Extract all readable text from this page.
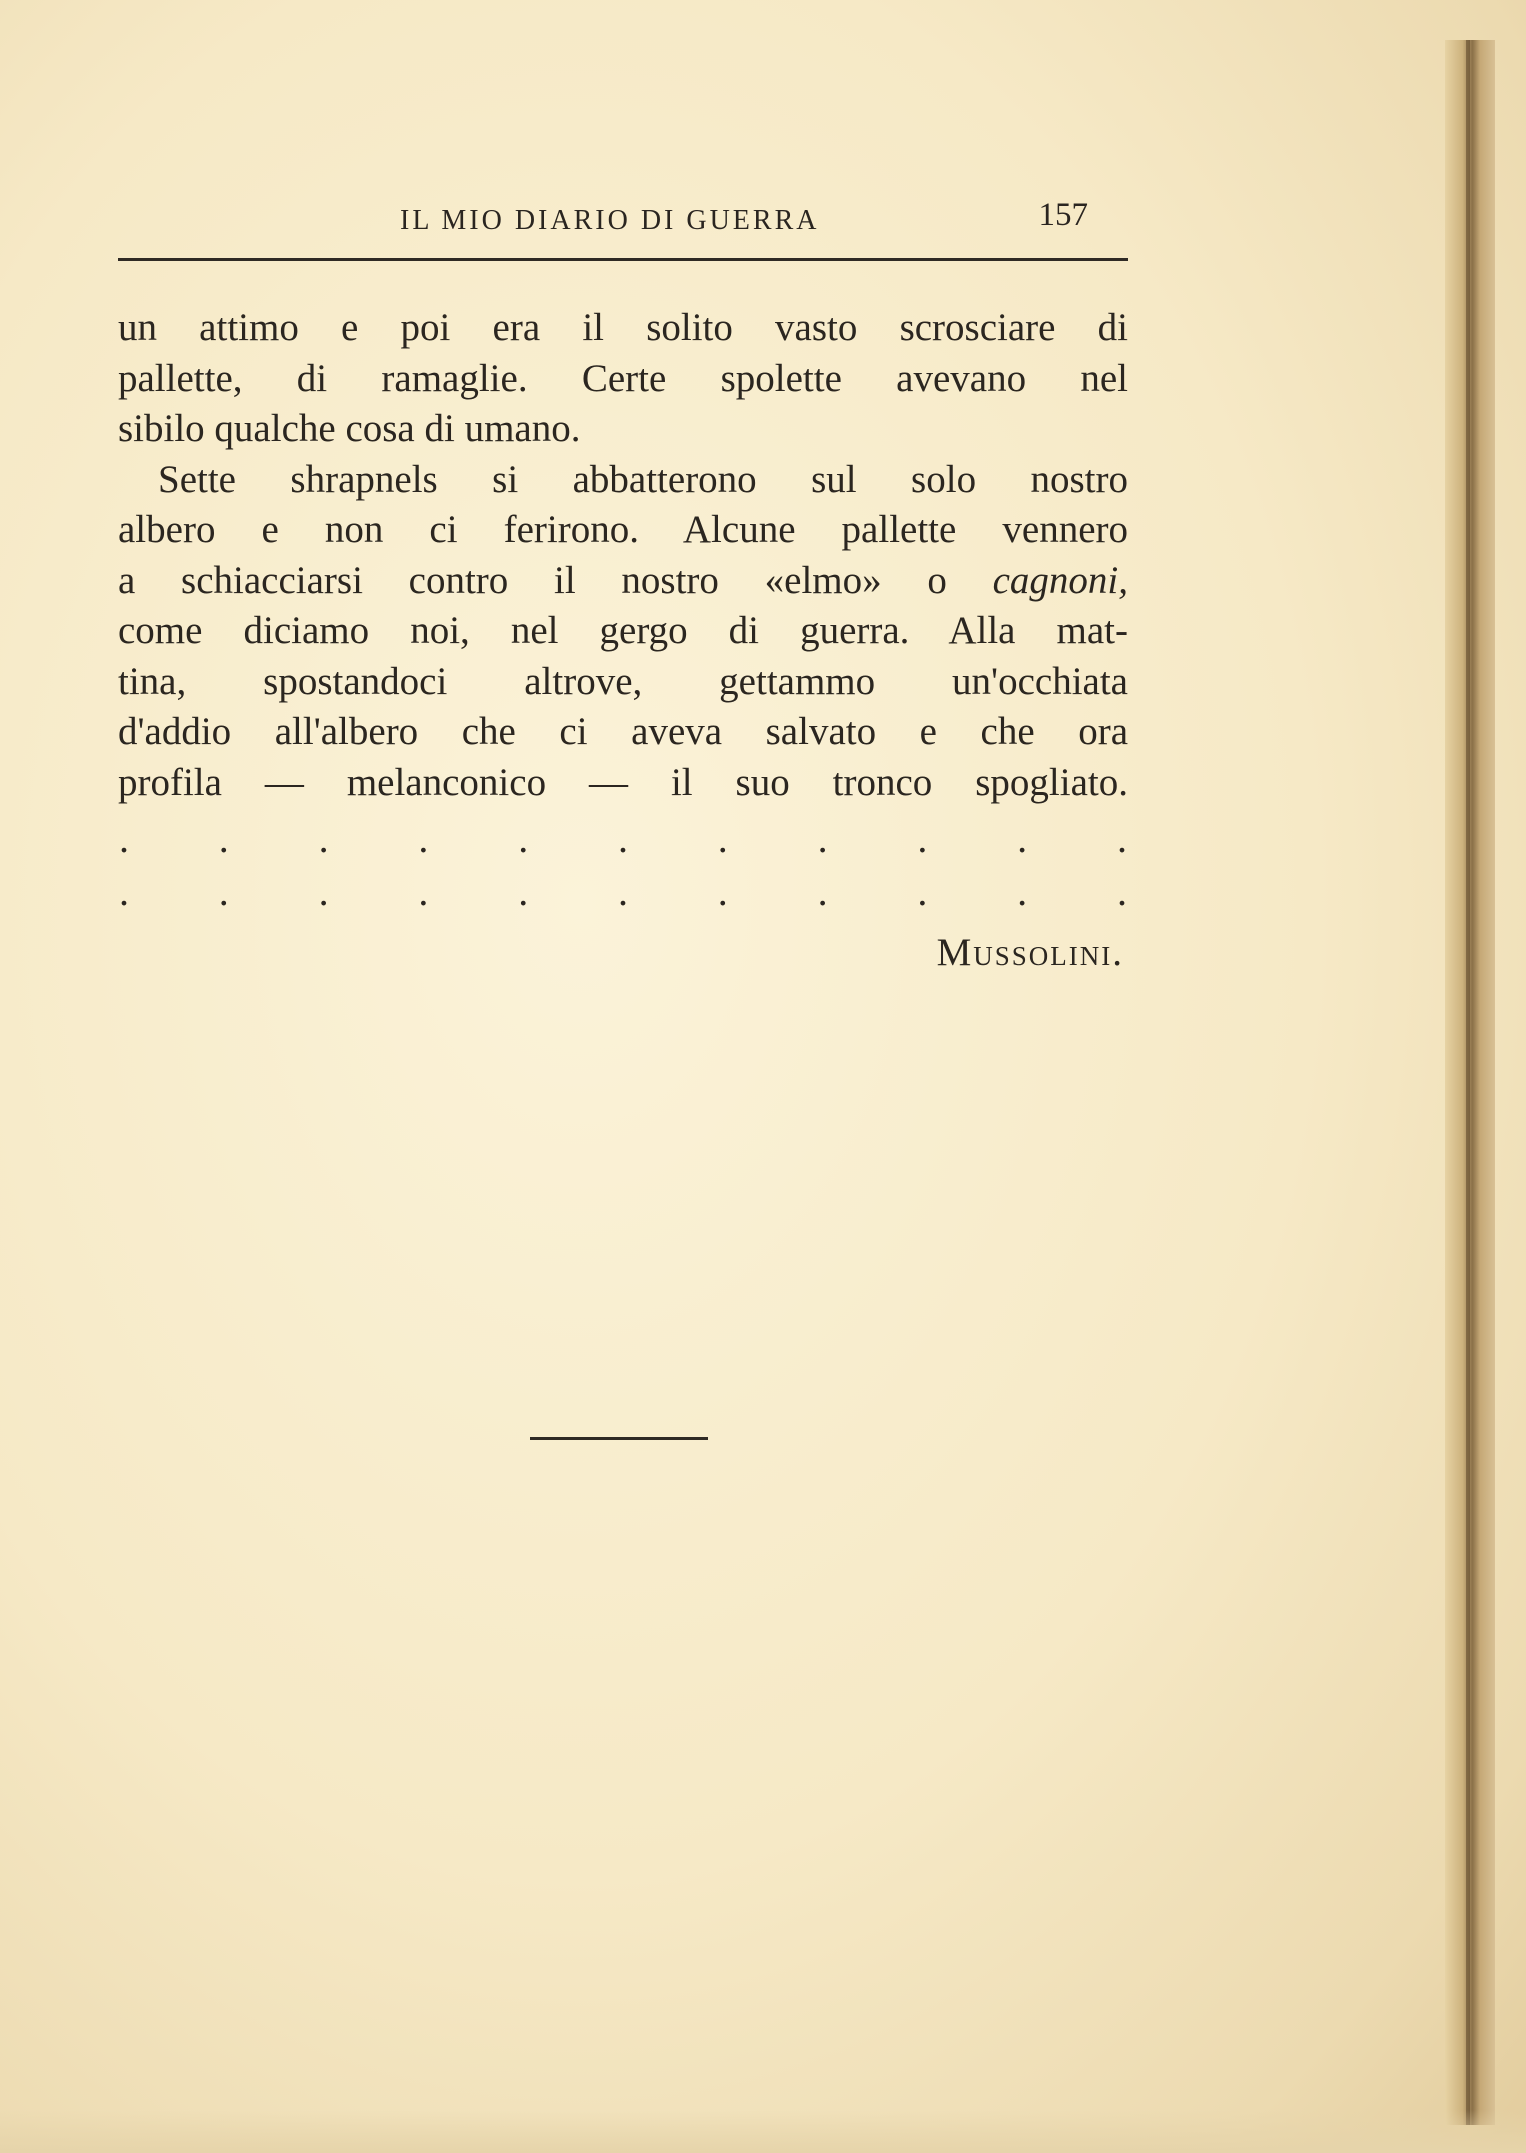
IL MIO DIARIO DI GUERRA	157
un attimo e poi era il solito vasto scrosciare di
pallette, di ramaglie. Certe spolette avevano nel
sibilo qualche cosa di umano.
Sette shrapnels si abbatterono sul solo nostro
albero e non ci ferirono. Alcune pallette vennero
a schiacciarsi contro il nostro «elmo» o cagnoni,
come diciamo noi, nel gergo di guerra. Alla mat-
tina, spostandoci altrove, gettammo un'occhiata
d'addio all'albero che ci aveva salvato e che ora
profila — melanconico — il suo tronco spogliato.
. . . . . . . . . . .
. . . . . . . . . . .
Mussolini.
